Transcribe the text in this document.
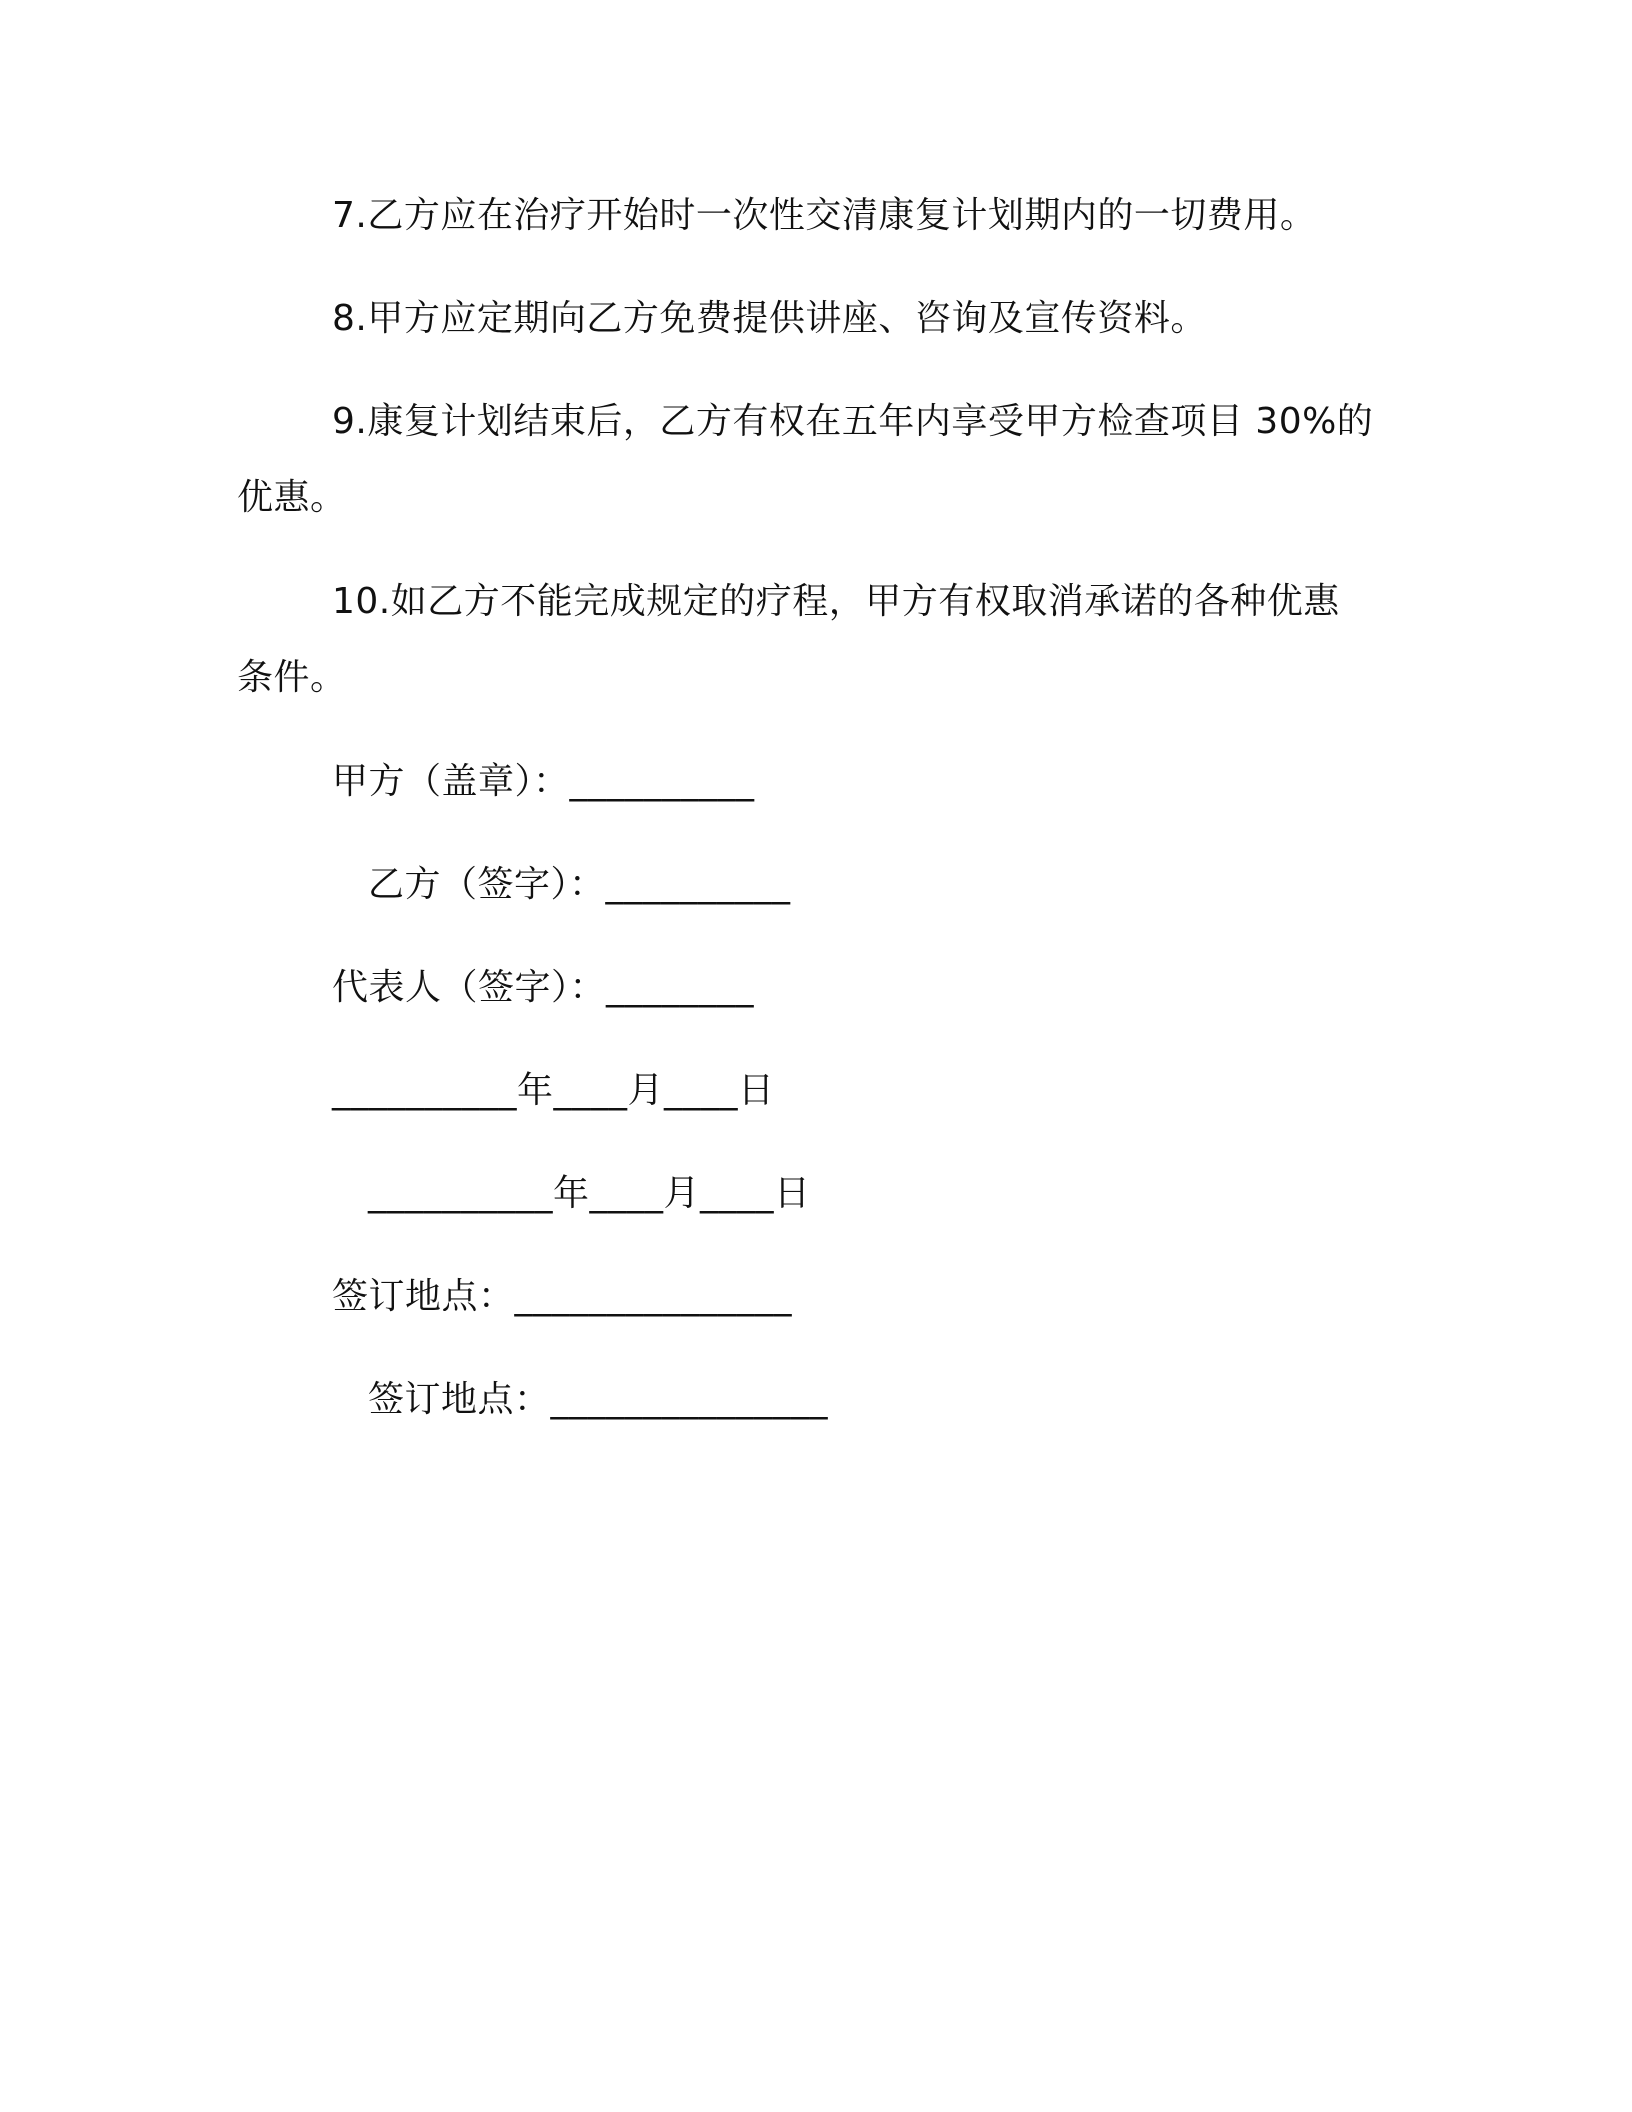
7.乙方应在治疗开始时一次性交清康复计划期内的一切费用。
8.甲方应定期向乙方免费提供讲座、咨询及宣传资料。
9.康复计划结束后，乙方有权在五年内享受甲方检查项目 30%的
优惠。
10.如乙方不能完成规定的疗程，甲方有权取消承诺的各种优惠
条件。
甲方（盖章）：__________
乙方（签字）：__________
代表人（签字）：________
__________年____月____日
__________年____月____日
签订地点：_______________
签订地点：_______________
